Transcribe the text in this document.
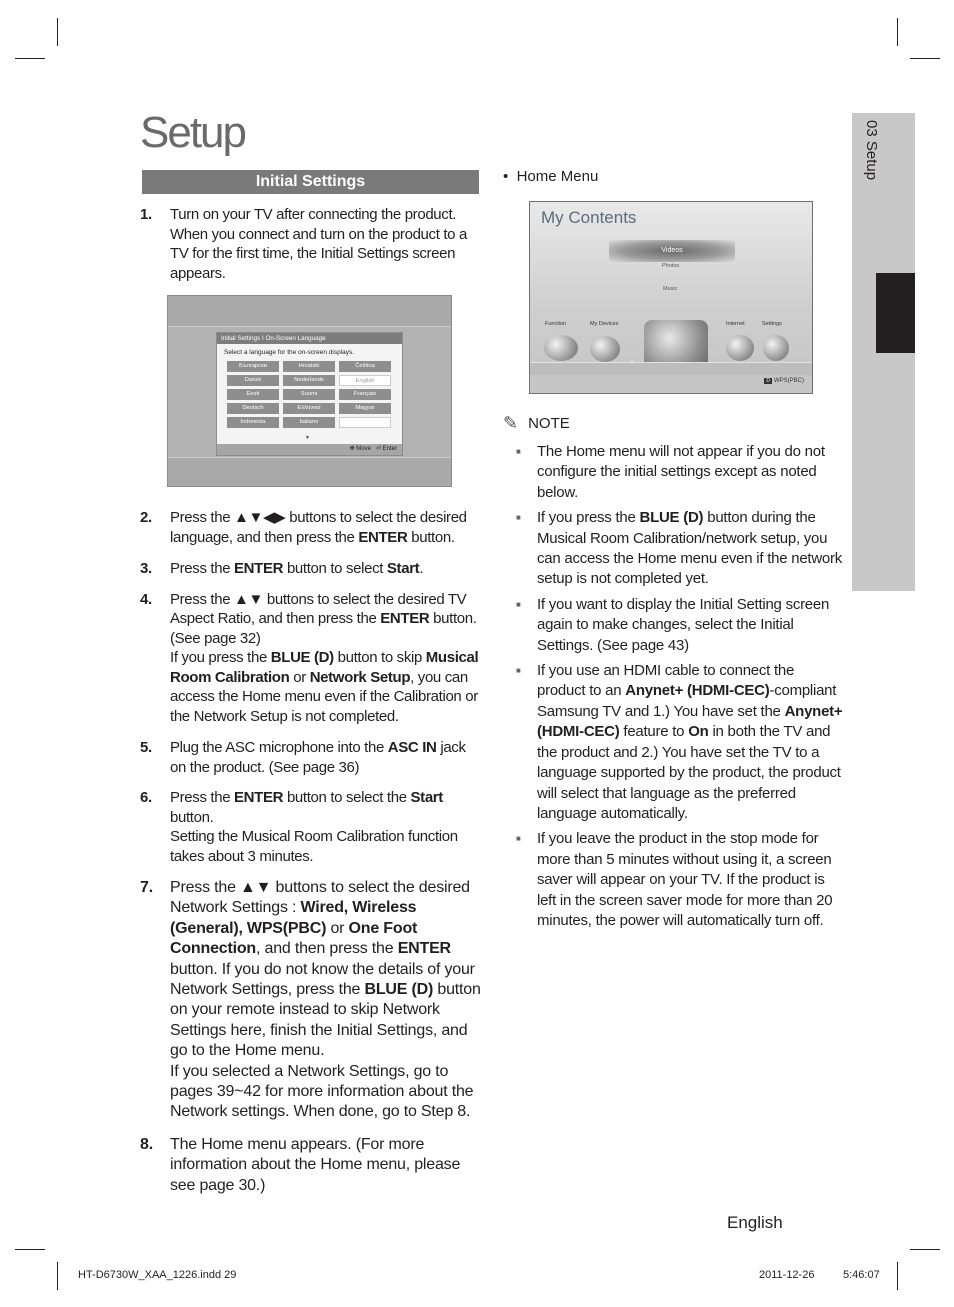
Setup
Initial Settings
1.	Turn on your TV after connecting the product. When you connect and turn on the product to a TV for the first time, the Initial Settings screen appears.
2.	Press the ▲▼◀▶ buttons to select the desired language, and then press the ENTER button.
3.	Press the ENTER button to select Start.
4.	Press the ▲▼ buttons to select the desired TV Aspect Ratio, and then press the ENTER button. (See page 32)
If you press the BLUE (D) button to skip Musical Room Calibration or Network Setup, you can access the Home menu even if the Calibration or the Network Setup is not completed.
5.	Plug the ASC microphone into the ASC IN jack on the product. (See page 36)
6.	Press the ENTER button to select the Start button.
Setting the Musical Room Calibration function takes about 3 minutes.
7.	Press the ▲▼ buttons to select the desired Network Settings : Wired, Wireless (General), WPS(PBC) or One Foot Connection, and then press the ENTER button. If you do not know the details of your Network Settings, press the BLUE (D) button on your remote instead to skip Network Settings here, finish the Initial Settings, and go to the Home menu.
If you selected a Network Settings, go to pages 39~42 for more information about the Network settings. When done, go to Step 8.
8.	The Home menu appears. (For more information about the Home menu, please see page 30.)
Initial Settings I On-Screen Language
Select a language for the on-screen displays.
Български	Hrvatski	Čeština
Dansk	Nederlands	English
Eesti	Suomi	Français
Deutsch	Ελληνικά	Magyar
Indonesia	Italiano
▼
✥ Move ⏎ Enter
•  Home Menu
My Contents
Videos
Photos
Music
Function	My Devices	Internet	Settings
D WPS(PBC)
✎ NOTE
■	The Home menu will not appear if you do not configure the initial settings except as noted below.
■	If you press the BLUE (D) button during the Musical Room Calibration/network setup, you can access the Home menu even if the network setup is not completed yet.
■	If you want to display the Initial Setting screen again to make changes, select the Initial Settings. (See page 43)
■	If you use an HDMI cable to connect the product to an Anynet+ (HDMI-CEC)-compliant Samsung TV and 1.) You have set the Anynet+ (HDMI-CEC) feature to On in both the TV and the product and 2.) You have set the TV to a language supported by the product, the product will select that language as the preferred language automatically.
■	If you leave the product in the stop mode for more than 5 minutes without using it, a screen saver will appear on your TV. If the product is left in the screen saver mode for more than 20 minutes, the power will automatically turn off.
03 Setup
English
HT-D6730W_XAA_1226.indd 29	2011-12-26	5:46:07
